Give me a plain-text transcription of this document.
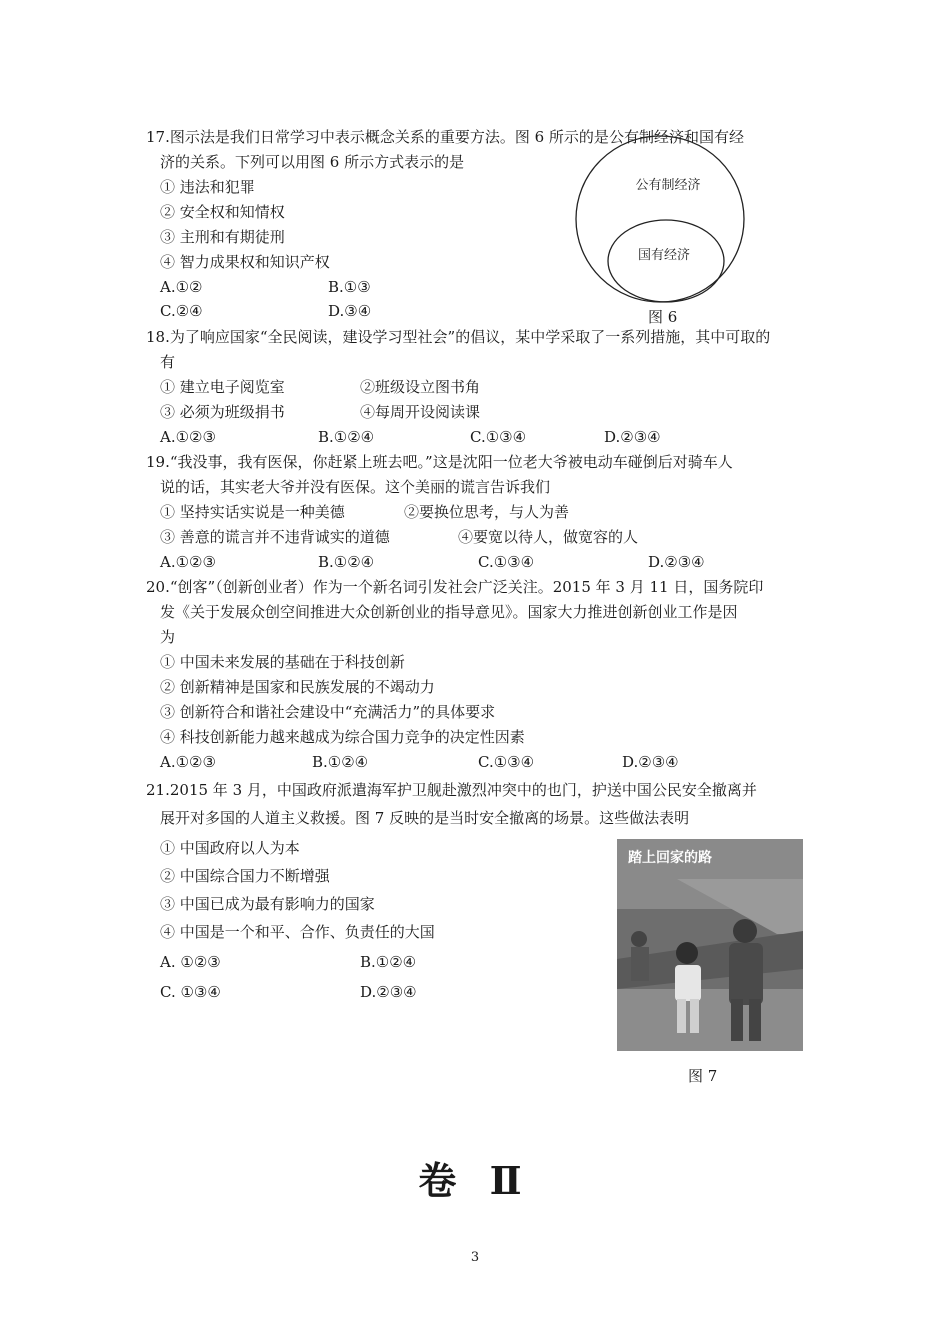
17.图示法是我们日常学习中表示概念关系的重要方法。图 6 所示的是公有制经济和国有经
济的关系。下列可以用图 6 所示方式表示的是
① 违法和犯罪
② 安全权和知情权
③ 主刑和有期徒刑
④ 智力成果权和知识产权
A.①②	B.①③
C.②④	D.③④
公有制经济
国有经济
图 6
18.为了响应国家“全民阅读，建设学习型社会”的倡议，某中学采取了一系列措施，其中可取的
有
① 建立电子阅览室	②班级设立图书角
③ 必须为班级捐书	④每周开设阅读课
A.①②③	B.①②④	C.①③④	D.②③④
19.“我没事，我有医保，你赶紧上班去吧。”这是沈阳一位老大爷被电动车碰倒后对骑车人
说的话，其实老大爷并没有医保。这个美丽的谎言告诉我们
① 坚持实话实说是一种美德	②要换位思考，与人为善
③ 善意的谎言并不违背诚实的道德	④要宽以待人，做宽容的人
A.①②③	B.①②④	C.①③④	D.②③④
20.“创客”（创新创业者）作为一个新名词引发社会广泛关注。2015 年 3 月 11 日，国务院印
发《关于发展众创空间推进大众创新创业的指导意见》。国家大力推进创新创业工作是因
为
① 中国未来发展的基础在于科技创新
② 创新精神是国家和民族发展的不竭动力
③ 创新符合和谐社会建设中“充满活力”的具体要求
④ 科技创新能力越来越成为综合国力竞争的决定性因素
A.①②③	B.①②④	C.①③④	D.②③④
21.2015 年 3 月，中国政府派遣海军护卫舰赴激烈冲突中的也门，护送中国公民安全撤离并
展开对多国的人道主义救援。图 7 反映的是当时安全撤离的场景。这些做法表明
① 中国政府以人为本
② 中国综合国力不断增强
③ 中国已成为最有影响力的国家
④ 中国是一个和平、合作、负责任的大国
A. ①②③	B.①②④
C. ①③④	D.②③④
踏上回家的路
图 7
卷 Ⅱ
3
